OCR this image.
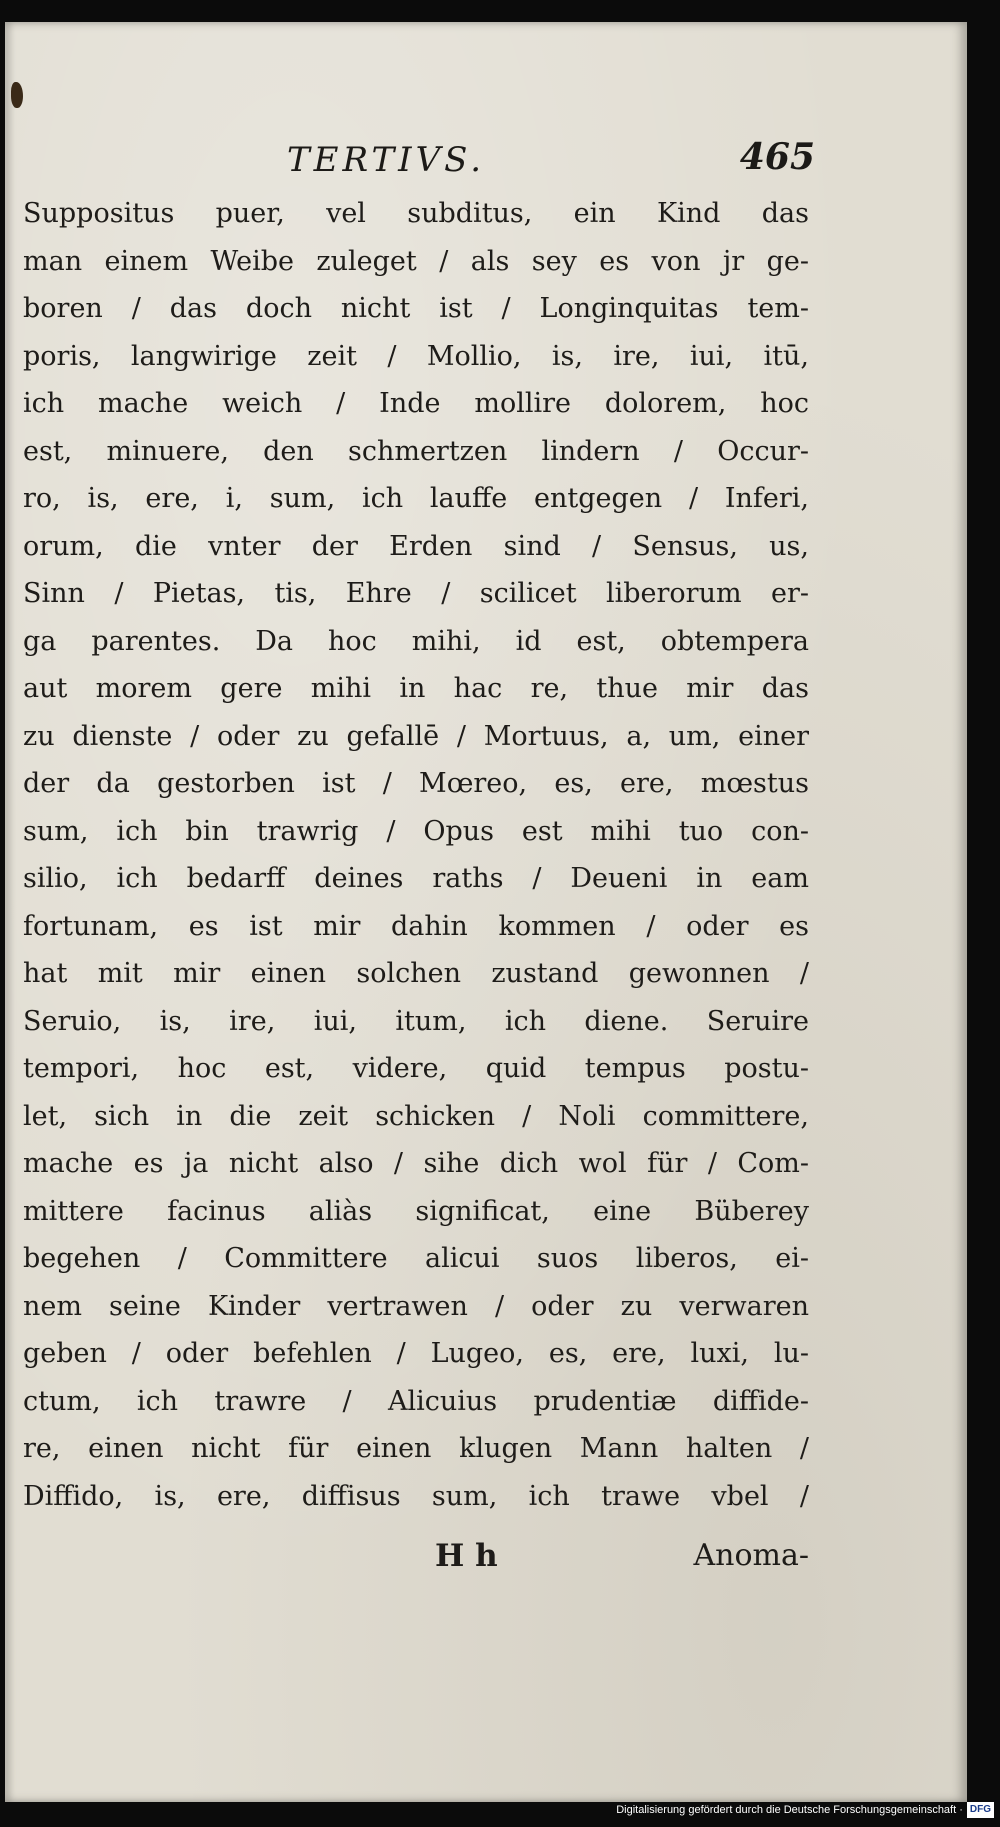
TERTIVS.	465
Suppositus puer, vel subditus, ein Kind das
man einem Weibe zuleget / als sey es von jr ge-
boren / das doch nicht ist / Longinquitas tem-
poris, langwirige zeit / Mollio, is, ire, iui, itū,
ich mache weich / Inde mollire dolorem, hoc
est, minuere, den schmertzen lindern / Occur-
ro, is, ere, i, sum, ich lauffe entgegen / Inferi,
orum, die vnter der Erden sind / Sensus, us,
Sinn / Pietas, tis, Ehre / scilicet liberorum er-
ga parentes. Da hoc mihi, id est, obtempera
aut morem gere mihi in hac re, thue mir das
zu dienste / oder zu gefallē / Mortuus, a, um, einer
der da gestorben ist / Mœreo, es, ere, mœstus
sum, ich bin trawrig / Opus est mihi tuo con-
silio, ich bedarff deines raths / Deueni in eam
fortunam, es ist mir dahin kommen / oder es
hat mit mir einen solchen zustand gewonnen /
Seruio, is, ire, iui, itum, ich diene. Seruire
tempori, hoc est, videre, quid tempus postu-
let, sich in die zeit schicken / Noli committere,
mache es ja nicht also / sihe dich wol für / Com-
mittere facinus aliàs significat, eine Büberey
begehen / Committere alicui suos liberos, ei-
nem seine Kinder vertrawen / oder zu verwaren
geben / oder befehlen / Lugeo, es, ere, luxi, lu-
ctum, ich trawre / Alicuius prudentiæ diffide-
re, einen nicht für einen klugen Mann halten /
Diffido, is, ere, diffisus sum, ich trawe vbel /
H h	Anoma-
Digitalisierung gefördert durch die Deutsche Forschungsgemeinschaft · DFG
